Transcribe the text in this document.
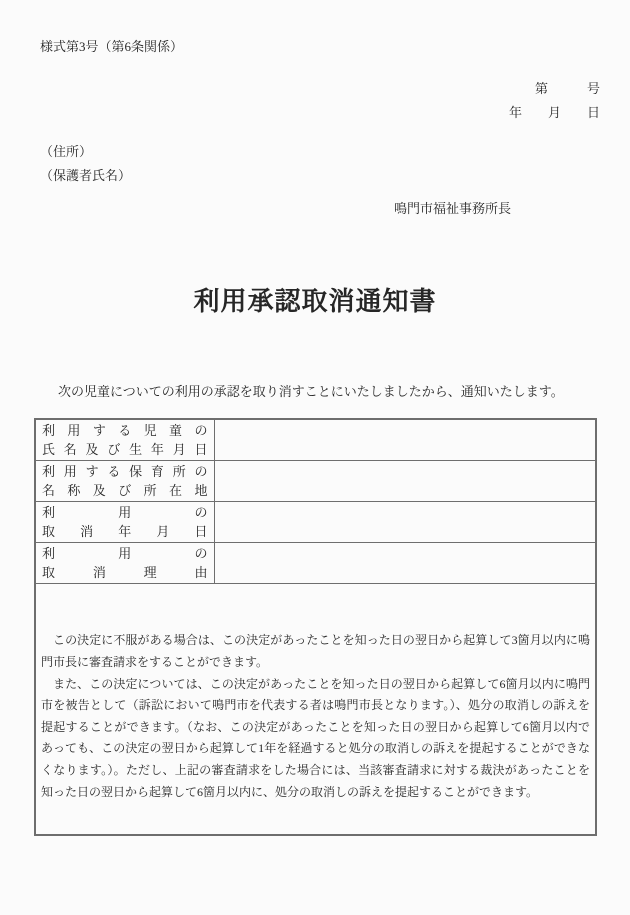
様式第3号（第6条関係）
第　　　号
年　　月　　日
（住所）
（保護者氏名）
鳴門市福祉事務所長
利用承認取消通知書
次の児童についての利用の承認を取り消すことにいたしましたから、通知いたします。
利 用 す る 児 童 の
氏 名 及 び 生 年 月 日

利 用 す る 保 育 所 の
名 称 及 び 所 在 地

利	用	の
取 消 年 月 日

利	用	の
取	消	理	由

この決定に不服がある場合は、この決定があったことを知った日の翌日から起算して3箇月以内に鳴門市長に審査請求をすることができます。

また、この決定については、この決定があったことを知った日の翌日から起算して6箇月以内に鳴門市を被告として（訴訟において鳴門市を代表する者は鳴門市長となります。）、処分の取消しの訴えを提起することができます。（なお、この決定があったことを知った日の翌日から起算して6箇月以内であっても、この決定の翌日から起算して1年を経過すると処分の取消しの訴えを提起することができなくなります。）。ただし、上記の審査請求をした場合には、当該審査請求に対する裁決があったことを知った日の翌日から起算して6箇月以内に、処分の取消しの訴えを提起することができます。	
